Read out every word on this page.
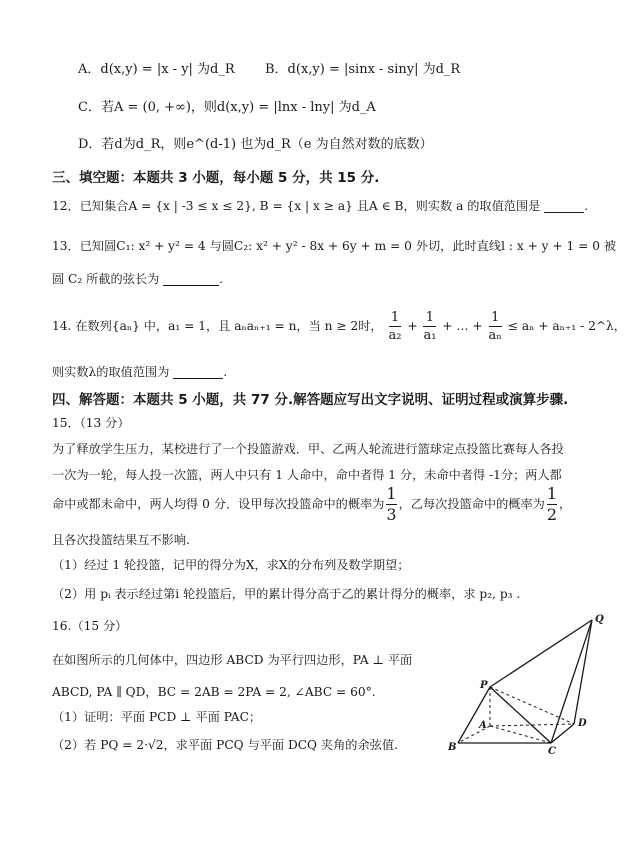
A．d(x,y) = |x - y| 为d_R B．d(x,y) = |sinx - siny| 为d_R
C．若A = (0, +∞)，则d(x,y) = |lnx - lny| 为d_A
D．若d为d_R，则e^(d-1) 也为d_R（e 为自然对数的底数）
三、填空题：本题共 3 小题，每小题 5 分，共 15 分.
12．已知集合A = {x | -3 ≤ x ≤ 2}, B = {x | x ≥ a} 且A ∈ B，则实数 a 的取值范围是	.
13．已知圆C₁: x² + y² = 4 与圆C₂: x² + y² - 8x + 6y + m = 0 外切，此时直线l : x + y + 1 = 0 被
圆 C₂ 所截的弦长为	.
14. 在数列{aₙ} 中，a₁ = 1，且 aₙaₙ₊₁ = n，当 n ≥ 2时， $\frac{1}{\text{a₂}} + \frac{1}{\text{a₁}}$ + … + $\frac{1}{\text{aₙ}} \le a_n + a_{n+1}$ - 2^λ，
则实数λ的取值范围为	.
四、解答题：本题共 5 小题，共 77 分.解答题应写出文字说明、证明过程或演算步骤.
15．（13 分）
为了释放学生压力，某校进行了一个投篮游戏．甲、乙两人轮流进行篮球定点投篮比赛每人各投
一次为一轮，每人投一次篮，两人中只有 1 人命中，命中者得 1 分，未命中者得 -1分；两人都
命中或都未命中，两人均得 0 分．设甲每次投篮命中的概率为 $\frac{1}{3}$ ，乙每次投篮命中的概率为 $\frac{1}{2}$ ，
且各次投篮结果互不影响.
（1）经过 1 轮投篮，记甲的得分为X，求X的分布列及数学期望；
（2）用 pᵢ 表示经过第i 轮投篮后，甲的累计得分高于乙的累计得分的概率，求 p₂, p₃ .
16.（15 分）
在如图所示的几何体中，四边形 ABCD 为平行四边形，PA ⊥ 平面
ABCD, PA ∥ QD，BC = 2AB = 2PA = 2, ∠ABC = 60°.
（1）证明：平面 PCD ⊥ 平面 PAC；
（2）若 PQ = 2·√2，求平面 PCQ 与平面 DCQ 夹角的余弦值.
Q
P
A
B	C
D
